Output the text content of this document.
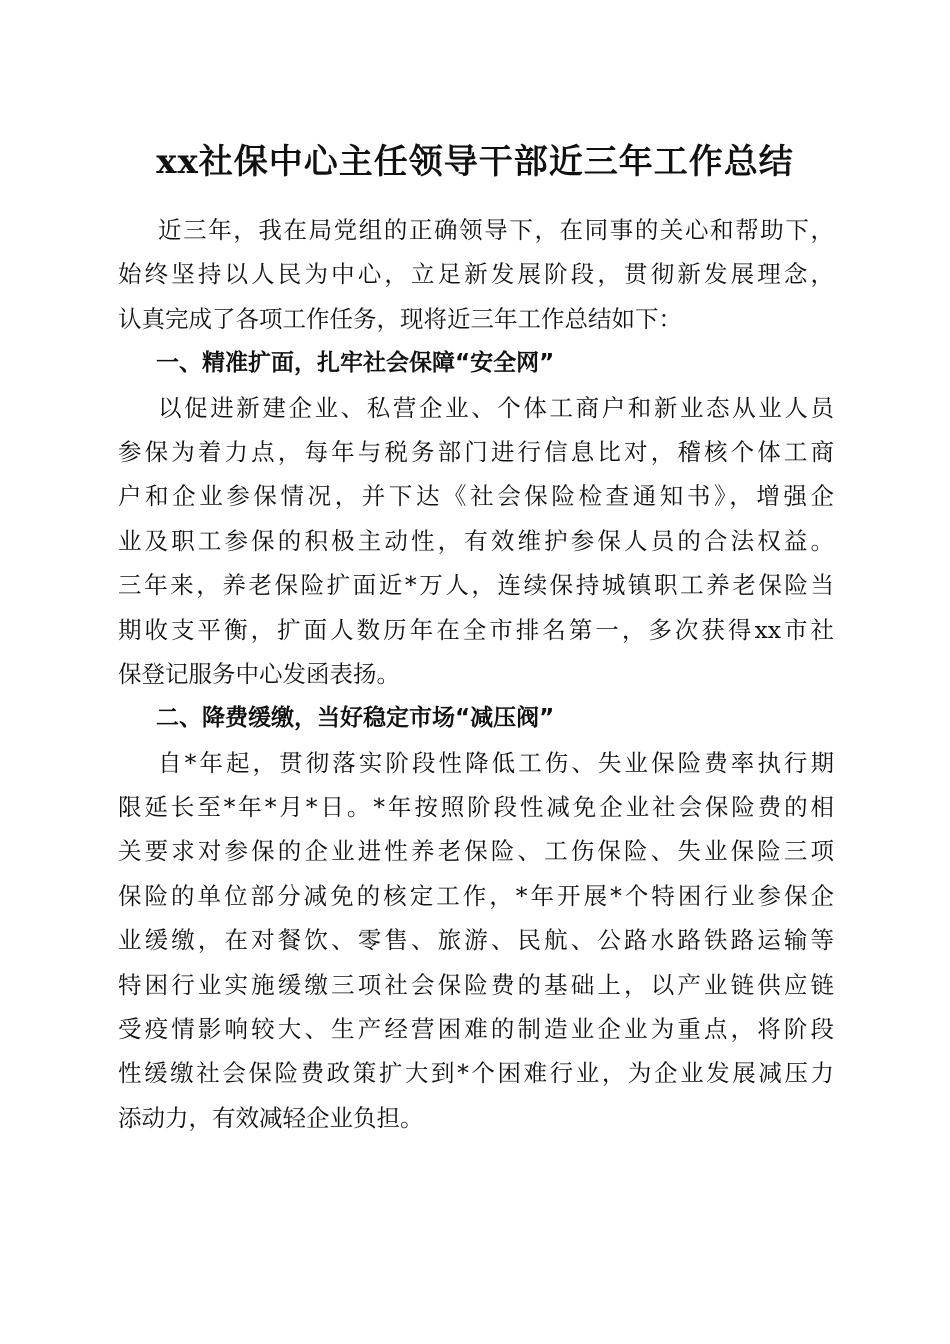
xx社保中心主任领导干部近三年工作总结
近三年，我在局党组的正确领导下，在同事的关心和帮助下，
始终坚持以人民为中心，立足新发展阶段，贯彻新发展理念，
认真完成了各项工作任务，现将近三年工作总结如下：
一、精准扩面，扎牢社会保障“安全网”
以促进新建企业、私营企业、个体工商户和新业态从业人员
参保为着力点，每年与税务部门进行信息比对，稽核个体工商
户和企业参保情况，并下达《社会保险检查通知书》，增强企
业及职工参保的积极主动性，有效维护参保人员的合法权益。
三年来，养老保险扩面近*万人，连续保持城镇职工养老保险当
期收支平衡，扩面人数历年在全市排名第一，多次获得xx市社
保登记服务中心发函表扬。
二、降费缓缴，当好稳定市场“减压阀”
自*年起，贯彻落实阶段性降低工伤、失业保险费率执行期
限延长至*年*月*日。*年按照阶段性减免企业社会保险费的相
关要求对参保的企业进性养老保险、工伤保险、失业保险三项
保险的单位部分减免的核定工作，*年开展*个特困行业参保企
业缓缴，在对餐饮、零售、旅游、民航、公路水路铁路运输等
特困行业实施缓缴三项社会保险费的基础上，以产业链供应链
受疫情影响较大、生产经营困难的制造业企业为重点，将阶段
性缓缴社会保险费政策扩大到*个困难行业，为企业发展减压力
添动力，有效减轻企业负担。
